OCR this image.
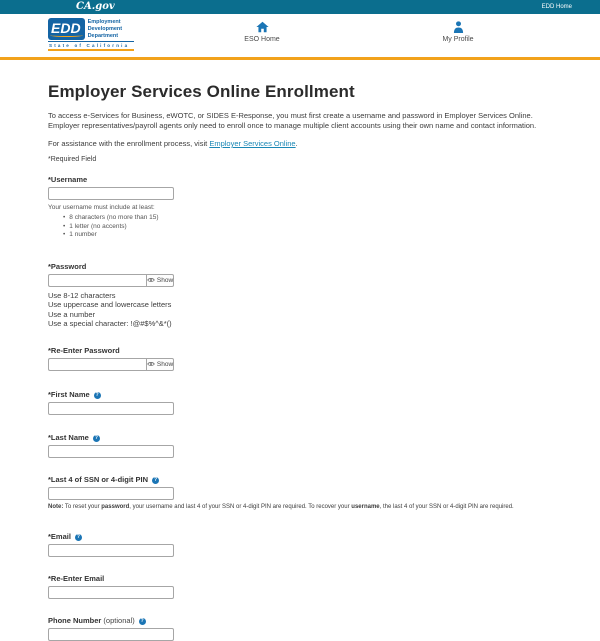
CA.gov	EDD Home
EDD	Employment
Development
Department
State of California
ESO Home	My Profile
Employer Services Online Enrollment

To access e-Services for Business, eWOTC, or SIDES E-Response, you must first create a username and password in Employer Services Online. Employer representatives/payroll agents only need to enroll once to manage multiple client accounts using their own name and contact information.

For assistance with the enrollment process, visit Employer Services Online.

*Required Field

*Username
Your username must include at least:
• 8 characters (no more than 15)
• 1 letter (no accents)
• 1 number
*Password
Show
Use 8-12 characters
Use uppercase and lowercase letters
Use a number
Use a special character: !@#$%^&*()
*Re-Enter Password
Show
*First Name ?
*Last Name ?
*Last 4 of SSN or 4-digit PIN ?
Note: To reset your password, your username and last 4 of your SSN or 4-digit PIN are required. To recover your username, the last 4 of your SSN or 4-digit PIN are required.
*Email ?
*Re-Enter Email
Phone Number (optional) ?
